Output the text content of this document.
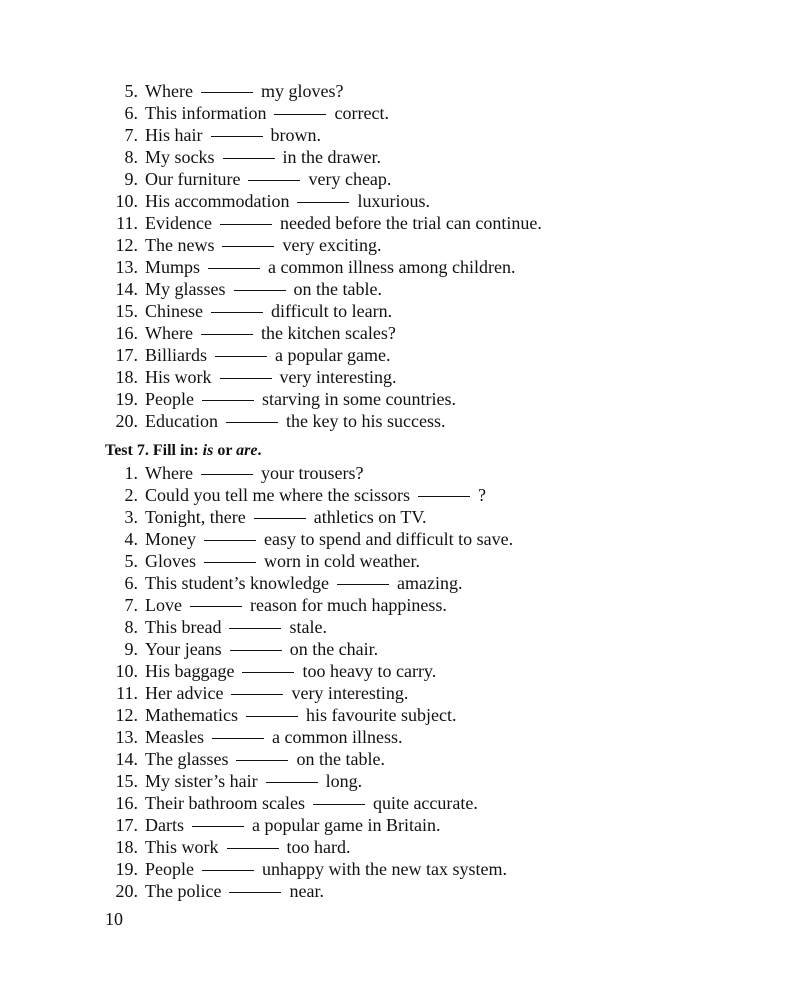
5. Where	my gloves?
6. This information	correct.
7. His hair	brown.
8. My socks	in the drawer.
9. Our furniture	very cheap.
10. His accommodation	luxurious.
11. Evidence	needed before the trial can continue.
12. The news	very exciting.
13. Mumps	a common illness among children.
14. My glasses	on the table.
15. Chinese	difficult to learn.
16. Where	the kitchen scales?
17. Billiards	a popular game.
18. His work	very interesting.
19. People	starving in some countries.
20. Education	the key to his success.
Test 7. Fill in: is or are.
1. Where	your trousers?
2. Could you tell me where the scissors	?
3. Tonight, there	athletics on TV.
4. Money	easy to spend and difficult to save.
5. Gloves	worn in cold weather.
6. This student’s knowledge	amazing.
7. Love	reason for much happiness.
8. This bread	stale.
9. Your jeans	on the chair.
10. His baggage	too heavy to carry.
11. Her advice	very interesting.
12. Mathematics	his favourite subject.
13. Measles	a common illness.
14. The glasses	on the table.
15. My sister’s hair	long.
16. Their bathroom scales	quite accurate.
17. Darts	a popular game in Britain.
18. This work	too hard.
19. People	unhappy with the new tax system.
20. The police	near.
10
